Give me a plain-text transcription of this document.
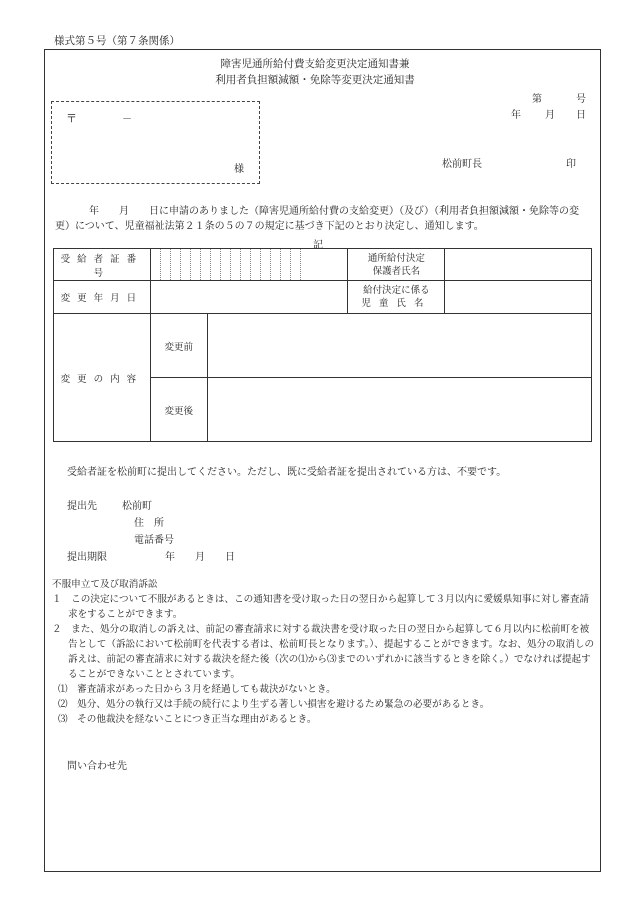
様式第５号（第７条関係）
障害児通所給付費支給変更決定通知書兼
利用者負担額減額・免除等変更決定通知書
第	号
年 月 日
〒	－
様	松前町長	印
年　　月　　日に申請のありました（障害児通所給付費の支給変更）（及び）（利用者負担額減額・免除等の変更）について、児童福祉法第２１条の５の７の規定に基づき下記のとおり決定し、通知します。
記
受給者証番号			通所給付決定
保護者氏名	

変更年月日			給付決定に係る
児童氏名	

変更の内容	変更前			
	変更後			
受給者証を松前町に提出してください。ただし、既に受給者証を提出されている方は、不要です。
提出先	松前町
住　所
電話番号
提出期限	年　　月　　日

不服申立て及び取消訴訟

１　この決定について不服があるときは、この通知書を受け取った日の翌日から起算して３月以内に愛媛県知事に対し審査請求をすることができます。

２　また、処分の取消しの訴えは、前記の審査請求に対する裁決書を受け取った日の翌日から起算して６月以内に松前町を被告として（訴訟において松前町を代表する者は、松前町長となります。）、提起することができます。なお、処分の取消しの訴えは、前記の審査請求に対する裁決を経た後（次の⑴から⑶までのいずれかに該当するときを除く。）でなければ提起することができないこととされています。

⑴　審査請求があった日から３月を経過しても裁決がないとき。

⑵　処分、処分の執行又は手続の続行により生ずる著しい損害を避けるため緊急の必要があるとき。

⑶　その他裁決を経ないことにつき正当な理由があるとき。

問い合わせ先
